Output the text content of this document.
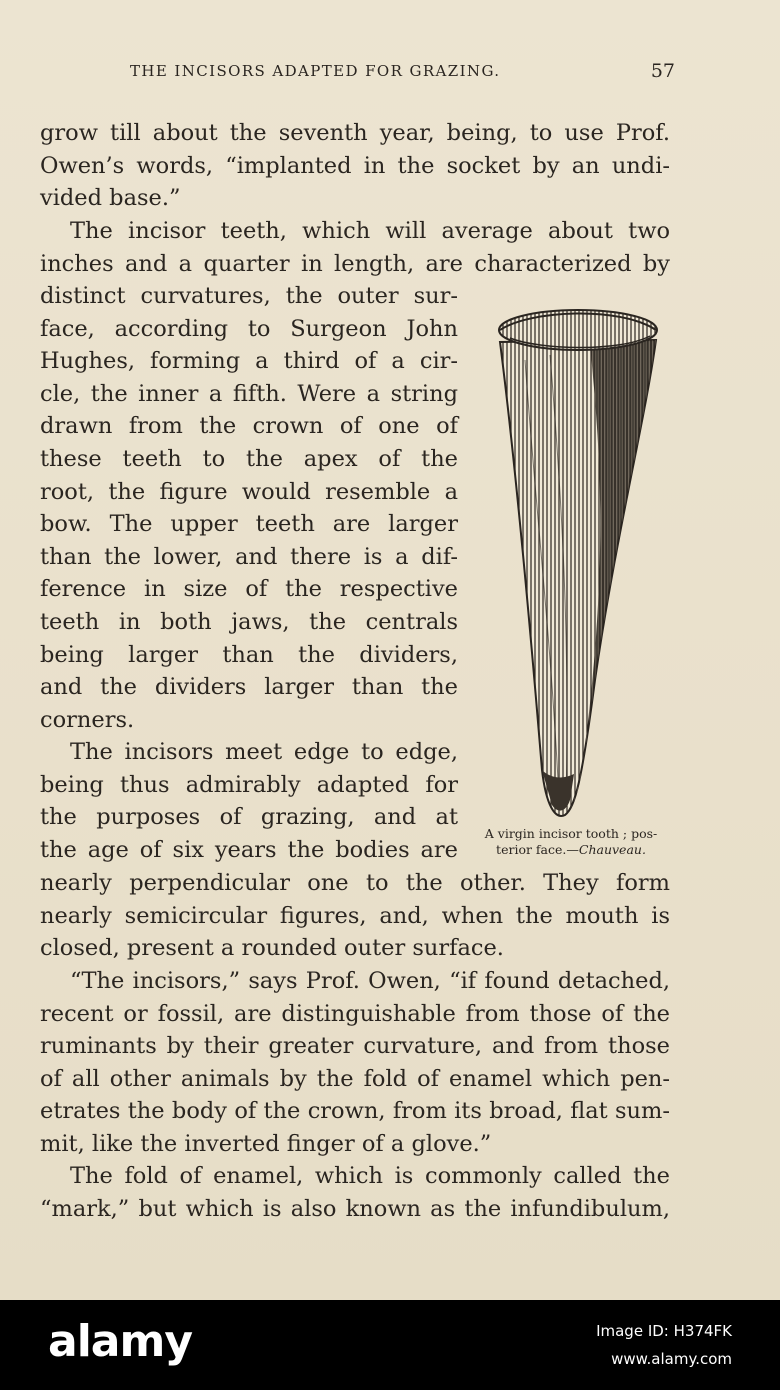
THE INCISORS ADAPTED FOR GRAZING.	57

grow till about the seventh year, being, to use Prof.
Owen’s words, “implanted in the socket by an undi-
vided base.”

The incisor teeth, which will average about two
inches and a quarter in length, are characterized by

distinct curvatures, the outer sur-
face, according to Surgeon John
Hughes, forming a third of a cir-
cle, the inner a fifth. Were a string
drawn from the crown of one of
these teeth to the apex of the
root, the figure would resemble a
bow. The upper teeth are larger
than the lower, and there is a dif-
ference in size of the respective
teeth in both jaws, the centrals
being larger than the dividers,
and the dividers larger than the
corners.

The incisors meet edge to edge,
being thus admirably adapted for
the purposes of grazing, and at
the age of six years the bodies are

nearly perpendicular one to the other. They form
nearly semicircular figures, and, when the mouth is
closed, present a rounded outer surface.

“The incisors,” says Prof. Owen, “if found detached,
recent or fossil, are distinguishable from those of the
ruminants by their greater curvature, and from those
of all other animals by the fold of enamel which pen-
etrates the body of the crown, from its broad, flat sum-
mit, like the inverted finger of a glove.”

The fold of enamel, which is commonly called the
“mark,” but which is also known as the infundibulum,

A virgin incisor tooth ; pos-
terior face.—Chauveau.
alamy	Image ID: H374FK
www.alamy.com
